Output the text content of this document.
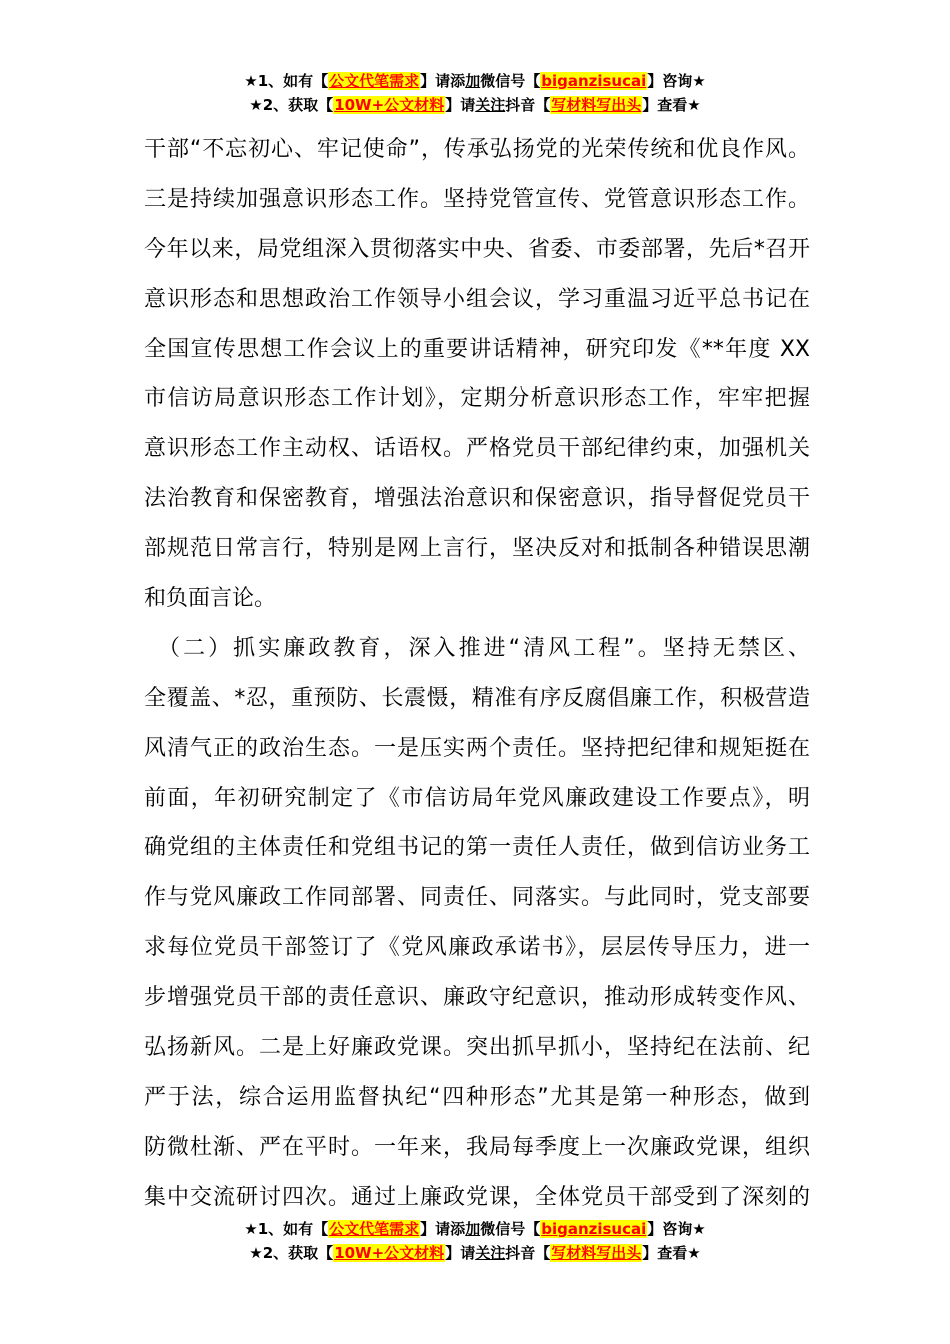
★1、如有【公文代笔需求】请添加微信号【biganzisucai】咨询★
★2、获取【10W+公文材料】请关注抖音【写材料写出头】查看★
干部“不忘初心、牢记使命”，传承弘扬党的光荣传统和优良作风。
三是持续加强意识形态工作。坚持党管宣传、党管意识形态工作。
今年以来，局党组深入贯彻落实中央、省委、市委部署，先后*召开
意识形态和思想政治工作领导小组会议，学习重温习近平总书记在
全国宣传思想工作会议上的重要讲话精神，研究印发《**年度 XX
市信访局意识形态工作计划》，定期分析意识形态工作，牢牢把握
意识形态工作主动权、话语权。严格党员干部纪律约束，加强机关
法治教育和保密教育，增强法治意识和保密意识，指导督促党员干
部规范日常言行，特别是网上言行，坚决反对和抵制各种错误思潮
和负面言论。
　（二）抓实廉政教育，深入推进“清风工程”。坚持无禁区、
全覆盖、*忍，重预防、长震慑，精准有序反腐倡廉工作，积极营造
风清气正的政治生态。一是压实两个责任。坚持把纪律和规矩挺在
前面，年初研究制定了《市信访局年党风廉政建设工作要点》，明
确党组的主体责任和党组书记的第一责任人责任，做到信访业务工
作与党风廉政工作同部署、同责任、同落实。与此同时，党支部要
求每位党员干部签订了《党风廉政承诺书》，层层传导压力，进一
步增强党员干部的责任意识、廉政守纪意识，推动形成转变作风、
弘扬新风。二是上好廉政党课。突出抓早抓小，坚持纪在法前、纪
严于法，综合运用监督执纪“四种形态”尤其是第一种形态，做到
防微杜渐、严在平时。一年来，我局每季度上一次廉政党课，组织
集中交流研讨四次。通过上廉政党课，全体党员干部受到了深刻的
★1、如有【公文代笔需求】请添加微信号【biganzisucai】咨询★
★2、获取【10W+公文材料】请关注抖音【写材料写出头】查看★
